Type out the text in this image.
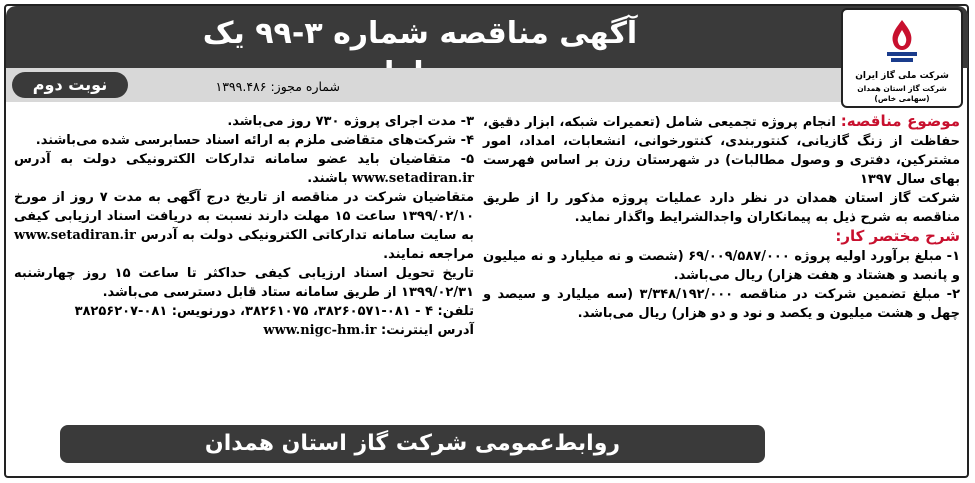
آگهی مناقصه شماره ۳-۹۹ یک
نوبت دوم	شماره مجوز: ۱۳۹۹.۴۸۶
شرکت ملی گاز ایران
شرکت گاز استان همدان (سهامی خاص)

موضوع مناقصه: انجام پروژه تجمیعی شامل (تعمیرات شبکه، ابزار دقیق، حفاظت از زنگ گازیانی، کنتوربندی، کنتورخوانی، انشعابات، امداد، امور مشترکین، دفتری و وصول مطالبات) در شهرستان رزن بر اساس فهرست بهای سال ۱۳۹۷

شرکت گاز استان همدان در نظر دارد عملیات پروژه مذکور را از طریق مناقصه به شرح ذیل به پیمانکاران واجدالشرایط واگذار نماید.

شرح مختصر کار:

۱- مبلغ برآورد اولیه پروژه ۶۹/۰۰۹/۵۸۷/۰۰۰ (شصت و نه میلیارد و نه میلیون و پانصد و هشتاد و هفت هزار) ریال می‌باشد.

۲- مبلغ تضمین شرکت در مناقصه ۳/۳۴۸/۱۹۲/۰۰۰ (سه میلیارد و سیصد و چهل و هشت میلیون و یکصد و نود و دو هزار) ریال می‌باشد.

۳- مدت اجرای پروژه ۷۳۰ روز می‌باشد.

۴- شرکت‌های متقاضی ملزم به ارائه اسناد حسابرسی شده می‌باشند.

۵- متقاضیان باید عضو سامانه تدارکات الکترونیکی دولت به آدرس www.setadiran.ir باشند.

متقاضیان شرکت در مناقصه از تاریخ درج آگهی به مدت ۷ روز از مورخ ۱۳۹۹/۰۲/۱۰ ساعت ۱۵ مهلت دارند نسبت به دریافت اسناد ارزیابی کیفی به سایت سامانه تدارکاتی الکترونیکی دولت به آدرس www.setadiran.ir مراجعه نمایند.

تاریخ تحویل اسناد ارزیابی کیفی حداکثر تا ساعت ۱۵ روز چهارشنبه ۱۳۹۹/۰۲/۳۱ از طریق سامانه ستاد قابل دسترسی می‌باشد.

تلفن: ۴ - ۰۸۱-۳۸۲۶۰۵۷۱، ۳۸۲۶۱۰۷۵، دورنویس: ۰۸۱-۳۸۲۵۶۲۰۷

آدرس اینترنت: www.nigc-hm.ir

روابط‌عمومی شرکت گاز استان همدان
